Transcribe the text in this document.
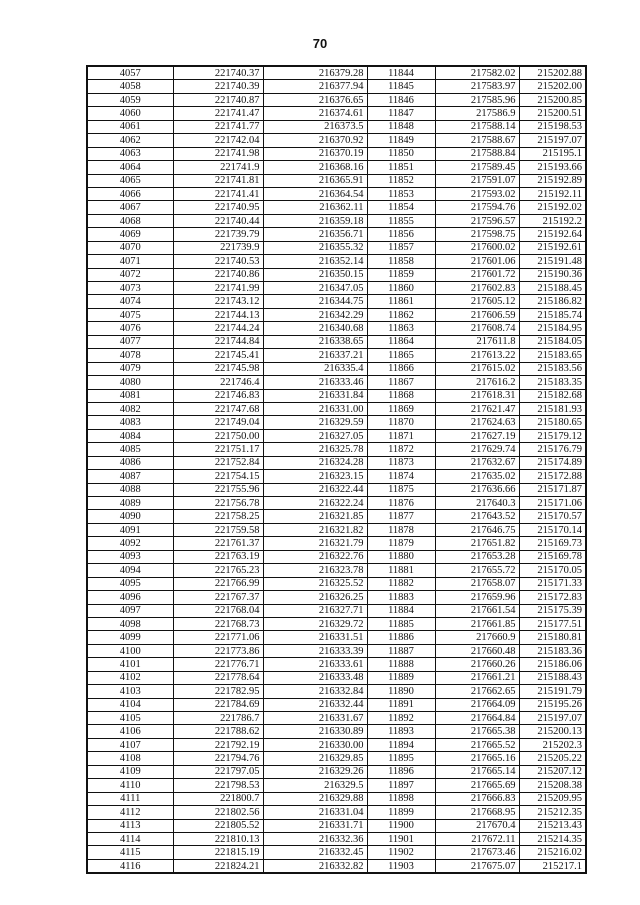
70
4057	221740.37	216379.28	11844	217582.02	215202.88
4058	221740.39	216377.94	11845	217583.97	215202.00
4059	221740.87	216376.65	11846	217585.96	215200.85
4060	221741.47	216374.61	11847	217586.9	215200.51
4061	221741.77	216373.5	11848	217588.14	215198.53
4062	221742.04	216370.92	11849	217588.67	215197.07
4063	221741.98	216370.19	11850	217588.84	215195.1
4064	221741.9	216368.16	11851	217589.45	215193.66
4065	221741.81	216365.91	11852	217591.07	215192.89
4066	221741.41	216364.54	11853	217593.02	215192.11
4067	221740.95	216362.11	11854	217594.76	215192.02
4068	221740.44	216359.18	11855	217596.57	215192.2
4069	221739.79	216356.71	11856	217598.75	215192.64
4070	221739.9	216355.32	11857	217600.02	215192.61
4071	221740.53	216352.14	11858	217601.06	215191.48
4072	221740.86	216350.15	11859	217601.72	215190.36
4073	221741.99	216347.05	11860	217602.83	215188.45
4074	221743.12	216344.75	11861	217605.12	215186.82
4075	221744.13	216342.29	11862	217606.59	215185.74
4076	221744.24	216340.68	11863	217608.74	215184.95
4077	221744.84	216338.65	11864	217611.8	215184.05
4078	221745.41	216337.21	11865	217613.22	215183.65
4079	221745.98	216335.4	11866	217615.02	215183.56
4080	221746.4	216333.46	11867	217616.2	215183.35
4081	221746.83	216331.84	11868	217618.31	215182.68
4082	221747.68	216331.00	11869	217621.47	215181.93
4083	221749.04	216329.59	11870	217624.63	215180.65
4084	221750.00	216327.05	11871	217627.19	215179.12
4085	221751.17	216325.78	11872	217629.74	215176.79
4086	221752.84	216324.28	11873	217632.67	215174.89
4087	221754.15	216323.15	11874	217635.02	215172.88
4088	221755.96	216322.44	11875	217636.66	215171.87
4089	221756.78	216322.24	11876	217640.3	215171.06
4090	221758.25	216321.85	11877	217643.52	215170.57
4091	221759.58	216321.82	11878	217646.75	215170.14
4092	221761.37	216321.79	11879	217651.82	215169.73
4093	221763.19	216322.76	11880	217653.28	215169.78
4094	221765.23	216323.78	11881	217655.72	215170.05
4095	221766.99	216325.52	11882	217658.07	215171.33
4096	221767.37	216326.25	11883	217659.96	215172.83
4097	221768.04	216327.71	11884	217661.54	215175.39
4098	221768.73	216329.72	11885	217661.85	215177.51
4099	221771.06	216331.51	11886	217660.9	215180.81
4100	221773.86	216333.39	11887	217660.48	215183.36
4101	221776.71	216333.61	11888	217660.26	215186.06
4102	221778.64	216333.48	11889	217661.21	215188.43
4103	221782.95	216332.84	11890	217662.65	215191.79
4104	221784.69	216332.44	11891	217664.09	215195.26
4105	221786.7	216331.67	11892	217664.84	215197.07
4106	221788.62	216330.89	11893	217665.38	215200.13
4107	221792.19	216330.00	11894	217665.52	215202.3
4108	221794.76	216329.85	11895	217665.16	215205.22
4109	221797.05	216329.26	11896	217665.14	215207.12
4110	221798.53	216329.5	11897	217665.69	215208.38
4111	221800.7	216329.88	11898	217666.83	215209.95
4112	221802.56	216331.04	11899	217668.95	215212.35
4113	221805.52	216331.71	11900	217670.4	215213.43
4114	221810.13	216332.36	11901	217672.11	215214.35
4115	221815.19	216332.45	11902	217673.46	215216.02
4116	221824.21	216332.82	11903	217675.07	215217.1
